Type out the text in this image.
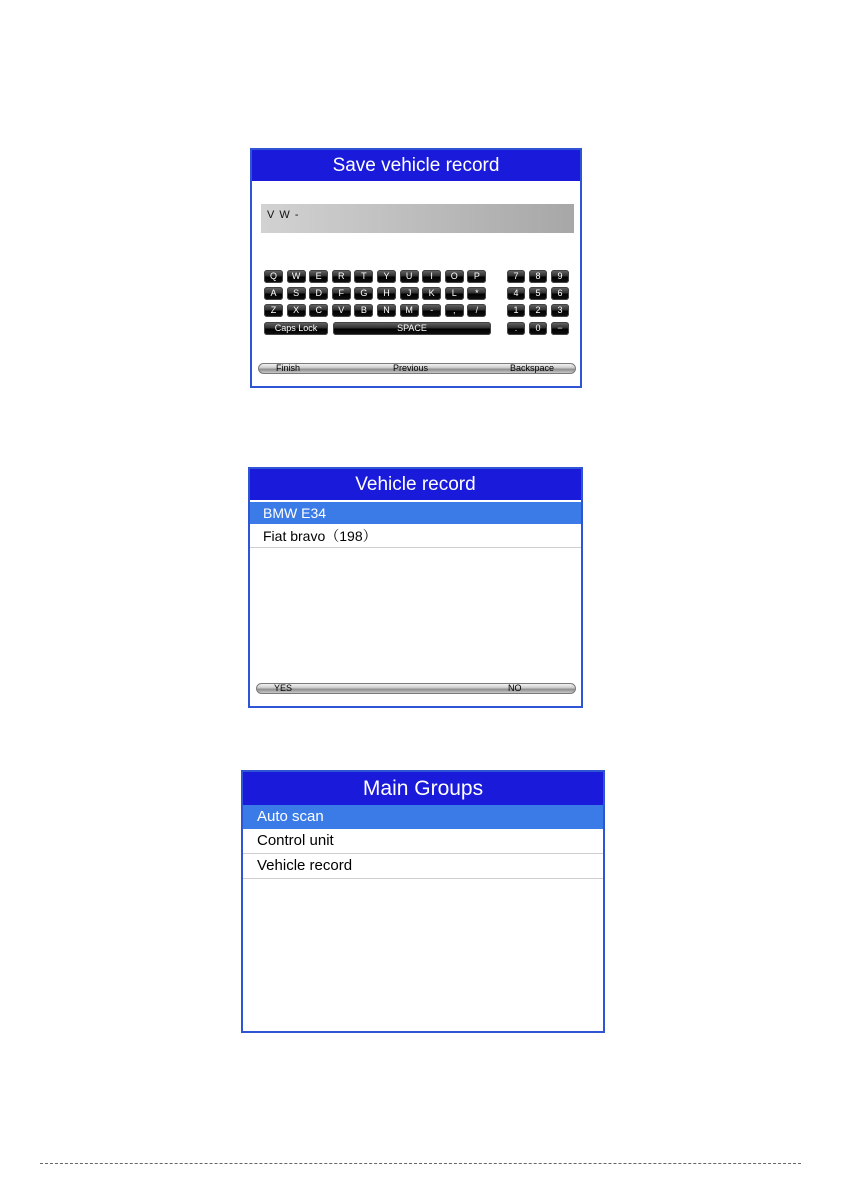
Save vehicle record
V W -
Caps Lock	SPACE
Finish	Previous	Backspace
Q	W	E	R	T	Y	U	I	O	P
A	S	D	F	G	H	J	K	L	*
Z	X	C	V	B	N	M	-	,	/
7	8	9
4	5	6
1	2	3
.	0	−
Vehicle record
BMW E34
Fiat bravo（198）
YES	NO
Main Groups
Auto scan
Control unit
Vehicle record
